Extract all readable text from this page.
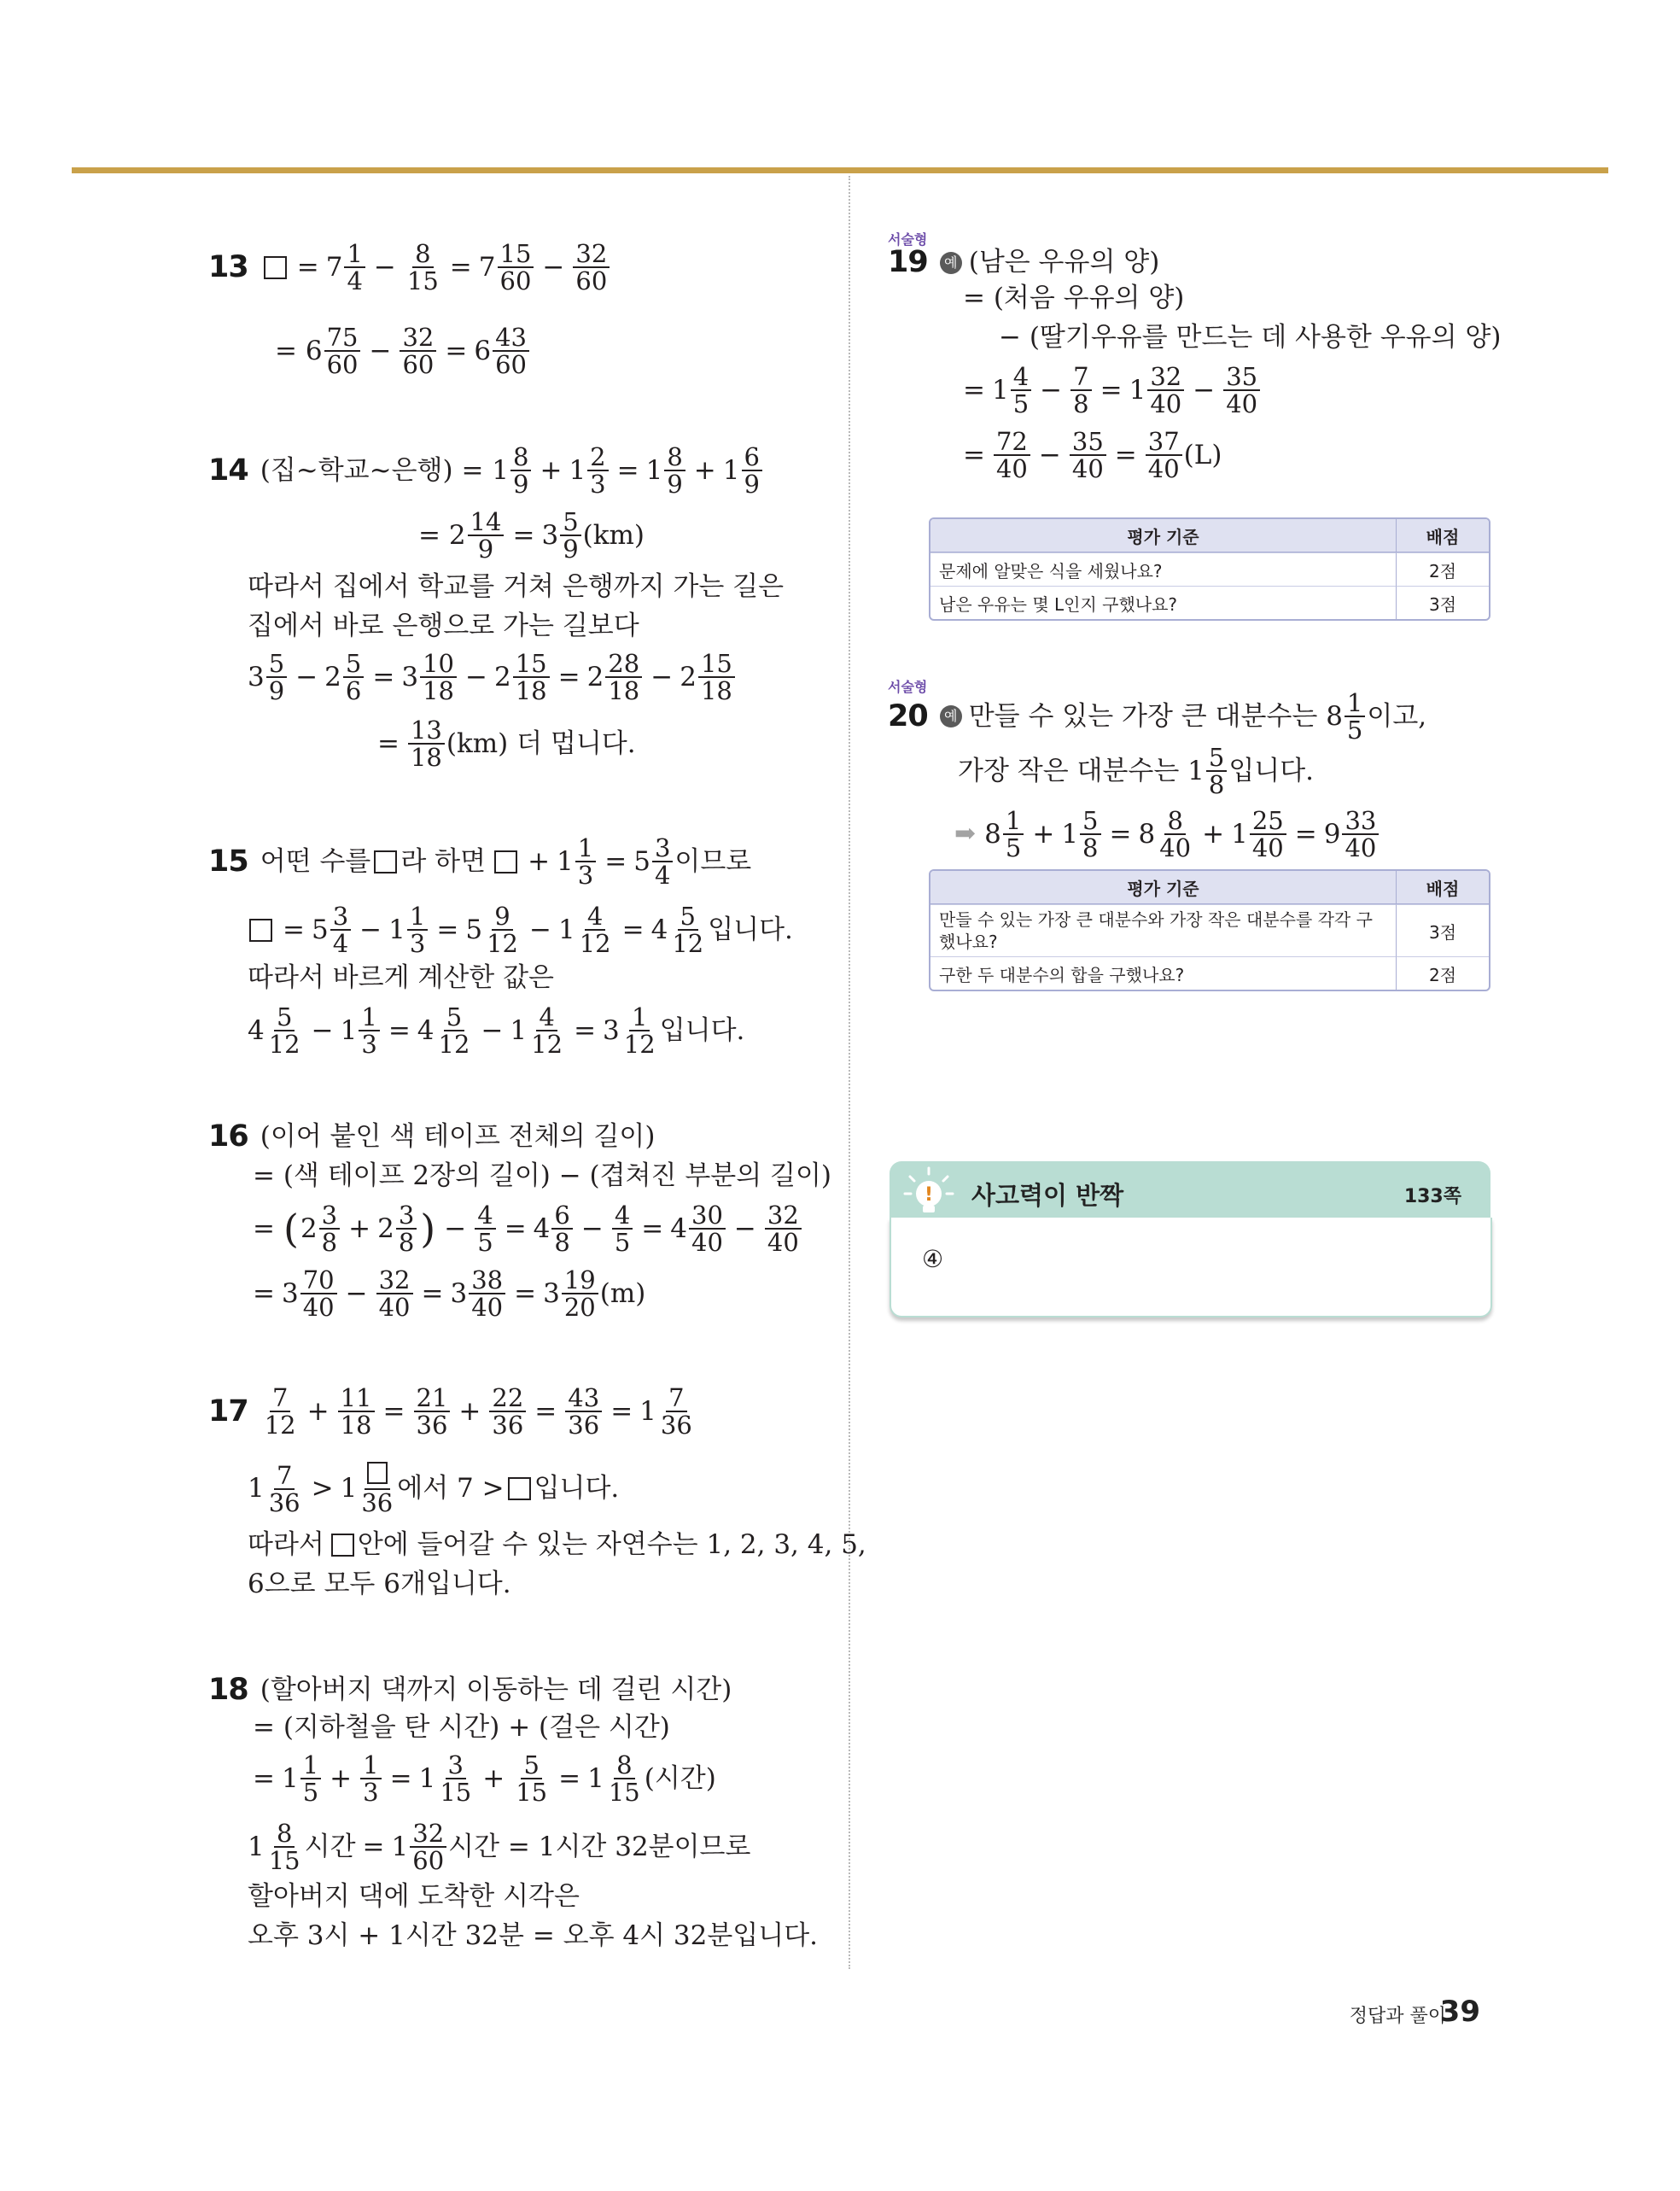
$13 = 7 \frac{1}{4} - \frac{8}{15} = 7 \frac{15}{60} - \frac{32}{60}$
= $6 \frac{75}{60} - \frac{32}{60} = 6 \frac{43}{60}$
14 (집~학교~은행) = $1 \frac{8}{9} + 1 \frac{2}{3} = 1 \frac{8}{9} + 1 \frac{6}{9}$
= $2 \frac{14}{9} = 3 \frac{5}{9} (km)$
따라서 집에서 학교를 거쳐 은행까지 가는 길은
집에서 바로 은행으로 가는 길보다
$3 \frac{5}{9} - 2 \frac{5}{6} = 3 \frac{10}{18} - 2 \frac{15}{18} = 2 \frac{28}{18} - 2 \frac{15}{18}$
= $\frac{13}{18} (km)$ 더 멉니다.
15 어떤 수를 라 하면 + $1 \frac{1}{3} = 5 \frac{3}{4}$ 이므로
= $5 \frac{3}{4} - 1 \frac{1}{3} = 5 \frac{9}{12} - 1 \frac{4}{12} = 4 \frac{5}{12}$ 입니다.
따라서 바르게 계산한 값은
$4 \frac{5}{12} - 1 \frac{1}{3} = 4 \frac{5}{12} - 1 \frac{4}{12} = 3 \frac{1}{12}$ 입니다.
16 (이어 붙인 색 테이프 전체의 길이)
= (색 테이프 2장의 길이) − (겹쳐진 부분의 길이)
= ( $2 \frac{3}{8} + 2 \frac{3}{8}$ ) − $\frac{4}{5} = 4 \frac{6}{8} - \frac{4}{5} = 4 \frac{30}{40} - \frac{32}{40}$
= $3 \frac{70}{40} - \frac{32}{40} = 3 \frac{38}{40} = 3 \frac{19}{20} (m)$
$17 \frac{7}{12} + \frac{11}{18} = \frac{21}{36} + \frac{22}{36} = \frac{43}{36} = 1 \frac{7}{36}$
$1 \frac{7}{36} > 1$ 36 에서 7 > 입니다.
따라서 안에 들어갈 수 있는 자연수는 1, 2, 3, 4, 5,
6으로 모두 6개입니다.
18 (할아버지 댁까지 이동하는 데 걸린 시간)
= (지하철을 탄 시간) + (걸은 시간)
= $1 \frac{1}{5} + \frac{1}{3} = 1 \frac{3}{15} + \frac{5}{15} = 1 \frac{8}{15}$ (시간)
$1 \frac{8}{15}$ 시간 = $1 \frac{32}{60}$ 시간 = 1시간 32분이므로
할아버지 댁에 도착한 시각은
오후 3시 + 1시간 32분 = 오후 4시 32분입니다.
서술형
19	예 (남은 우유의 양)
= (처음 우유의 양)
− (딸기우유를 만드는 데 사용한 우유의 양)
= $1 \frac{4}{5} - \frac{7}{8} = 1 \frac{32}{40} - \frac{35}{40}$
= $\frac{72}{40} - \frac{35}{40} = \frac{37}{40} (L)$
평가 기준	배점
문제에 알맞은 식을 세웠나요?	2점
남은 우유는 몇 L인지 구했나요?	3점
서술형
20	예 만들 수 있는 가장 큰 대분수는 $8 \frac{1}{5}$ 이고,
가장 작은 대분수는 $1 \frac{5}{8}$ 입니다.
➡ $8 \frac{1}{5} + 1 \frac{5}{8} = 8 \frac{8}{40} + 1 \frac{25}{40} = 9 \frac{33}{40}$
평가 기준	배점
만들 수 있는 가장 큰 대분수와 가장 작은 대분수를 각각 구했나요?	3점
구한 두 대분수의 합을 구했나요?	2점
! 사고력이 반짝	133쪽
④
정답과 풀이
39
